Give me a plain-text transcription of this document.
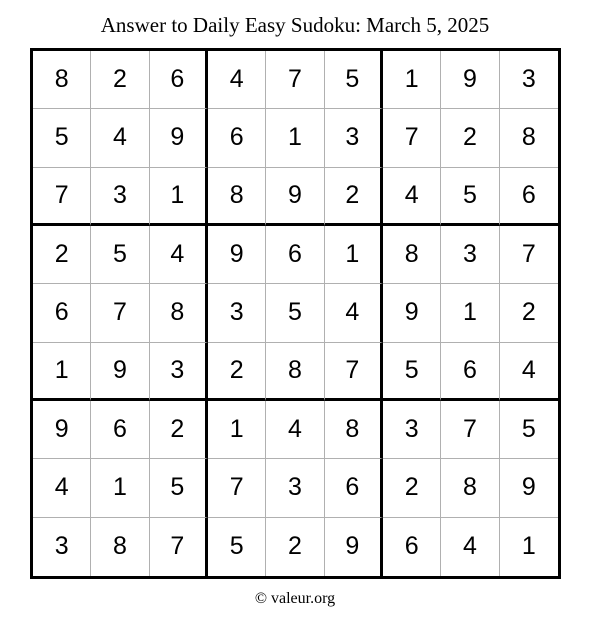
Answer to Daily Easy Sudoku: March 5, 2025
8	2	6	4	7	5	1	9	3
5	4	9	6	1	3	7	2	8
7	3	1	8	9	2	4	5	6
2	5	4	9	6	1	8	3	7
6	7	8	3	5	4	9	1	2
1	9	3	2	8	7	5	6	4
9	6	2	1	4	8	3	7	5
4	1	5	7	3	6	2	8	9
3	8	7	5	2	9	6	4	1
© valeur.org
